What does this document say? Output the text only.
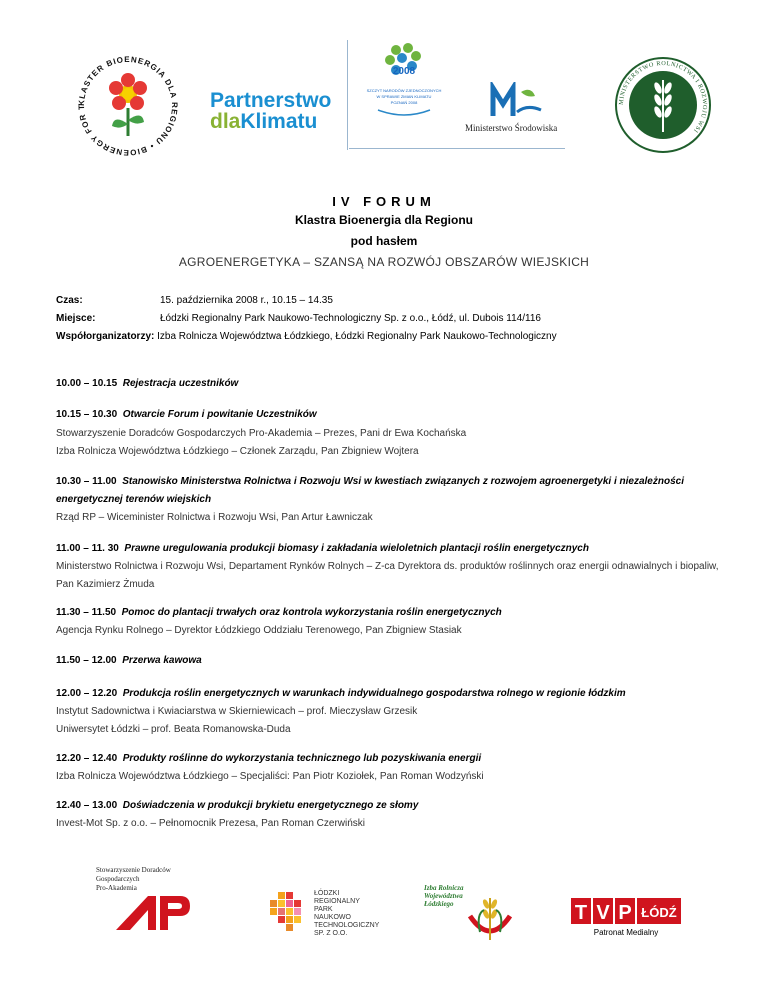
KLASTER BIOENERGIA DLA REGIONU • BIOENERGY FOR T	Partnerstwo
dlaKlimatu
2008
SZCZYT NARODÓW ZJEDNOCZONYCH
W SPRAWIE ZMIAN KLIMATU
POZNAŃ 2008
Ministerstwo Środowiska
MINISTERSTWO ROLNICTWA I ROZWOJU WSI
IV FORUM
Klastra Bioenergia dla Regionu
pod hasłem
AGROENERGETYKA – SZANSĄ NA ROZWÓJ OBSZARÓW WIEJSKICH
Czas:	15. października 2008 r., 10.15 – 14.35
Miejsce:	Łódzki Regionalny Park Naukowo-Technologiczny Sp. z o.o., Łódź, ul. Dubois 114/116
Współorganizatorzy: Izba Rolnicza Województwa Łódzkiego, Łódzki Regionalny Park Naukowo-Technologiczny
10.00 – 10.15 Rejestracja uczestników
10.15 – 10.30 Otwarcie Forum i powitanie Uczestników
Stowarzyszenie Doradców Gospodarczych Pro-Akademia – Prezes, Pani dr Ewa Kochańska
Izba Rolnicza Województwa Łódzkiego – Członek Zarządu, Pan Zbigniew Wojtera
10.30 – 11.00 Stanowisko Ministerstwa Rolnictwa i Rozwoju Wsi w kwestiach związanych z rozwojem agroenergetyki i niezależności
energetycznej terenów wiejskich
Rząd RP – Wiceminister Rolnictwa i Rozwoju Wsi, Pan Artur Ławniczak
11.00 – 11. 30 Prawne uregulowania produkcji biomasy i zakładania wieloletnich plantacji roślin energetycznych
Ministerstwo Rolnictwa i Rozwoju Wsi, Departament Rynków Rolnych – Z-ca Dyrektora ds. produktów roślinnych oraz energii odnawialnych i biopaliw,
Pan Kazimierz Żmuda
11.30 – 11.50 Pomoc do plantacji trwałych oraz kontrola wykorzystania roślin energetycznych
Agencja Rynku Rolnego – Dyrektor Łódzkiego Oddziału Terenowego, Pan Zbigniew Stasiak
11.50 – 12.00 Przerwa kawowa
12.00 – 12.20 Produkcja roślin energetycznych w warunkach indywidualnego gospodarstwa rolnego w regionie łódzkim
Instytut Sadownictwa i Kwiaciarstwa w Skierniewicach – prof. Mieczysław Grzesik
Uniwersytet Łódzki – prof. Beata Romanowska-Duda
12.20 – 12.40 Produkty roślinne do wykorzystania technicznego lub pozyskiwania energii
Izba Rolnicza Województwa Łódzkiego – Specjaliści: Pan Piotr Koziołek, Pan Roman Wodzyński
12.40 – 13.00 Doświadczenia w produkcji brykietu energetycznego ze słomy
Invest-Mot Sp. z o.o. – Pełnomocnik Prezesa, Pan Roman Czerwiński
Stowarzyszenie Doradców
Gospodarczych
Pro-Akademia
ŁÓDZKI
REGIONALNY PARK
NAUKOWO
TECHNOLOGICZNY
SP. Z O.O.
Izba Rolnicza
Województwa
Łódzkiego	T V P ŁÓDŹ
Patronat Medialny
